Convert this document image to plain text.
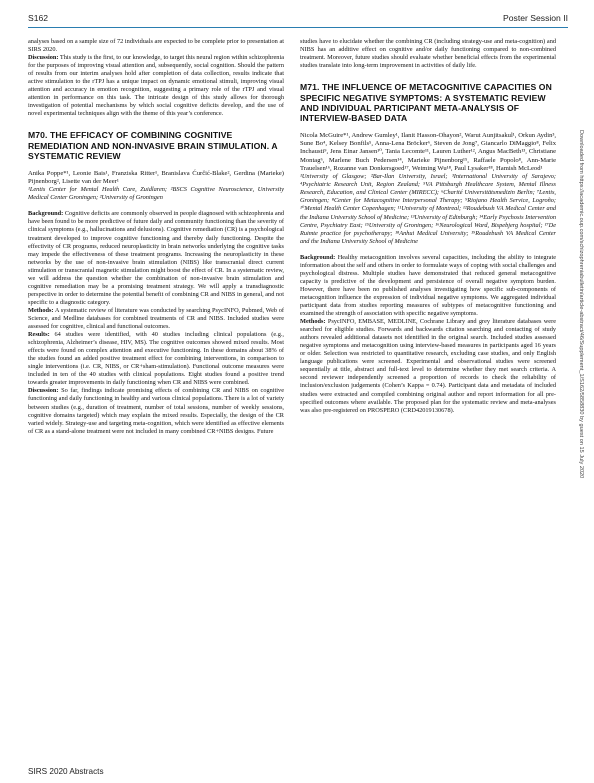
S162	Poster Session II

analyses based on a sample size of 72 individuals are expected to be complete prior to presentation at SIRS 2020.

Discussion: This study is the first, to our knowledge, to target this neural region within schizophrenia for the purposes of improving visual attention and, subsequently, social cognition. Should the pattern of results from our interim analyses hold after completion of data collection, results indicate that active stimulation to the rTPJ has a unique impact on dynamic emotional stimuli, improving visual attention and accuracy in emotion recognition, suggesting a primary role of the rTPJ and visual attention in performance on this task. The intricate design of this study allows for thorough investigation of potential mechanisms by which social cognitive deficits develop, and the use of novel experimental techniques align with the theme of this year’s conference.

M70. THE EFFICACY OF COMBINING COGNITIVE REMEDIATION AND NON-INVASIVE BRAIN STIMULATION. A SYSTEMATIC REVIEW

Anika Poppe*¹, Leonie Bais¹, Franziska Ritter¹, Branislava Ćurčić-Blake², Gerdina (Marieke) Pijnenborg², Lisette van der Meer¹

¹Lentis Center for Mental Health Care, Zuidlaren; ²BSCS Cognitive Neuroscience, University Medical Center Groningen; ²University of Groningen

Background: Cognitive deficits are commonly observed in people diagnosed with schizophrenia and have been found to be more predictive of future daily and community functioning than the severity of clinical symptoms (e.g., hallucinations and delusions). Cognitive remediation (CR) is a psychological treatment developed to improve cognitive functioning and thereby daily functioning. Despite the effectivity of CR programs, reduced neuroplasticity in brain networks underlying the cognitive tasks may impede the effectiveness of these treatment programs. Increasing the neuroplasticity in these networks by the use of non-invasive brain stimulation (NIBS) like transcranial direct current stimulation or transcranial magnetic stimulation might boost the effect of CR. In a systematic review, we will address the question whether the combination of non-invasive brain stimulation and cognitive remediation may be a promising treatment strategy. We will apply a transdiagnostic perspective in order to determine the potential benefit of combining CR and NIBS in general, and not specific to a diagnostic category.

Methods: A systematic review of literature was conducted by searching PsycINFO, Pubmed, Web of Science, and Medline databases for combined treatments of CR and NIBS. Included studies were assessed for cognitive, clinical and functional outcomes.

Results: 64 studies were identified, with 40 studies including clinical populations (e.g., schizophrenia, Alzheimer’s disease, HIV, MS). The cognitive outcomes showed mixed results. Most effects were found on complex attention and executive functioning. In these domains about 38% of the studies found an added positive treatment effect for combining interventions, in comparison to single interventions (i.e. CR, NIBS, or CR+sham-stimulation). Functional outcome measures were included in ten of the 40 studies with clinical populations. Eight studies found a positive trend towards greater improvements in daily functioning when CR and NIBS were combined.

Discussion: So far, findings indicate promising effects of combining CR and NIBS on cognitive functioning and daily functioning in healthy and various clinical populations. There is a lot of variety between studies (e.g., duration of treatment, number of total sessions, number of weekly sessions, cognitive domains targeted) which may explain the mixed results. Especially, the design of the CR varied widely. Strategy-use and targeting meta-cognition, which were identified as effective elements of CR as a stand-alone treatment were not included in many combined CR+NIBS designs. Future

studies have to elucidate whether the combining CR (including strategy-use and meta-cognition) and NIBS has an additive effect on cognitive and/or daily functioning compared to non-combined treatment. Moreover, future studies should evaluate whether beneficial effects from the experimental studies translate into long-term improvement in activities of daily life.

M71. THE INFLUENCE OF METACOGNITIVE CAPACITIES ON SPECIFIC NEGATIVE SYMPTOMS: A SYSTEMATIC REVIEW AND INDIVIDUAL PARTICIPANT META-ANALYSIS OF INTERVIEW-BASED DATA

Nicola McGuire*¹, Andrew Gumley¹, Ilanit Hasson-Ohayon², Warut Aunjitsakul¹, Orkun Aydin³, Sune Bo⁴, Kelsey Bonfils⁵, Anna-Lena Bröcker⁶, Steven de Jong⁷, Giancarlo DiMaggio⁸, Felix Inchausti⁹, Jens Einar Jansen¹⁰, Tania Lecomte¹¹, Lauren Luther¹², Angus MacBeth¹³, Christiane Montag⁶, Marlene Buch Pedersen¹⁴, Marieke Pijnenborg¹⁵, Raffaele Popolo⁸, Ann-Marie Trauelsen¹⁶, Rozanne van Donkersgoed¹⁷, Weiming Wu¹⁸, Paul Lysaker¹⁸, Hamish McLeod¹

¹University of Glasgow; ²Bar-Ilan University, Israel; ³International University of Sarajevo; ⁴Psychiatric Research Unit, Region Zealand; ⁵VA Pittsburgh Healthcare System, Mental Illness Research, Education, and Clinical Center (MIRECC); ⁶Charité Universitätsmedizin Berlin; ⁷Lentis, Groningen; ⁸Center for Metacognitive Interpersonal Therapy; ⁹Riojano Health Service, Logroño; ¹⁰Mental Health Center Copenhagen; ¹¹University of Montreal; ¹²Roudebush VA Medical Center and the Indiana University School of Medicine; ¹³University of Edinburgh; ¹⁴Early Psychosis Intervention Centre, Psychiatry East; ¹⁵University of Groningen; ¹⁶Neurological Ward, Bispebjerg hospital; ¹⁷De Ruimte practice for psychotherapy; ¹⁸Anhui Medical University; ¹⁹Roudebush VA Medical Center and the Indiana University School of Medicine

Background: Healthy metacognition involves several capacities, including the ability to integrate information about the self and others in order to formulate ways of coping with social challenges and psychological distress. Multiple studies have demonstrated that reduced general metacognitive capacity is predictive of the development and persistence of overall negative symptom burden. However, there have been no published analyses investigating how specific sub-components of metacognition influence the expression of individual negative symptoms. We aggregated individual participant data from studies reporting measures of subtypes of metacognitive functioning and examined the strength of association with specific negative symptoms.

Methods: PsycINFO, EMBASE, MEDLINE, Cochrane Library and grey literature databases were searched for eligible studies. Forwards and backwards citation searching and contacting of study authors revealed additional datasets not identified in the original search. Included studies assessed negative symptoms and metacognition using interview-based measures in participants aged 16 years or older. Selection was restricted to quantitative research, excluding case studies, and only English language publications were screened. Experimental and observational studies were screened sequentially at title, abstract and full-text level to determine whether they met search criteria. A second reviewer independently screened a proportion of records to check the reliability of inclusion/exclusion judgements (Cohen’s Kappa = 0.74). Participant data and metadata of included studies were extracted and compiled combining original author and report information for all pre-specified outcomes where available. The proposed plan for the systematic review and meta-analyses was also pre-registered on PROSPERO (CRD42019130678).	Downloaded from https://academic.oup.com/schizophreniabulletin/article-abstract/46/Supplement_1/S162/5858830 by guest on 15 July 2020
SIRS 2020 Abstracts
